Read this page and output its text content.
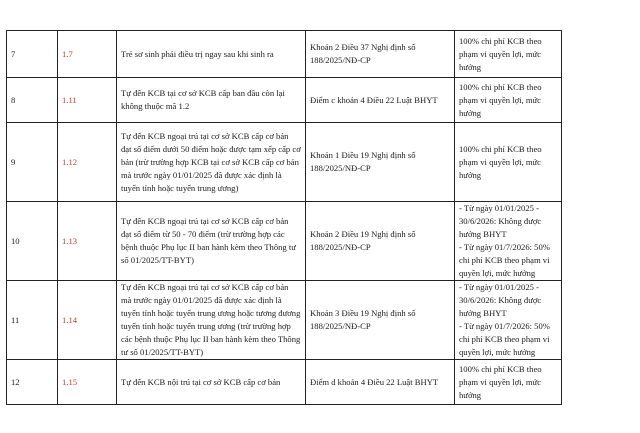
7	1.7	Trẻ sơ sinh phải điều trị ngay sau khi sinh ra	Khoản 2 Điều 37 Nghị định số 188/2025/NĐ-CP	100% chi phí KCB theo phạm vi quyền lợi, mức hưởng

8	1.11	Tự đến KCB tại cơ sở KCB cấp ban đầu còn lại không thuộc mã 1.2	Điểm c khoản 4 Điều 22 Luật BHYT	100% chi phí KCB theo phạm vi quyền lợi, mức hưởng

9	1.12	Tự đến KCB ngoại trú tại cơ sở KCB cấp cơ bản đạt số điểm dưới 50 điểm hoặc được tạm xếp cấp cơ bản (trừ trường hợp KCB tại cơ sở KCB cấp cơ bản mà trước ngày 01/01/2025 đã được xác định là tuyến tỉnh hoặc tuyến trung ương)	Khoản 1 Điều 19 Nghị định số 188/2025/NĐ-CP	100% chi phí KCB theo phạm vi quyền lợi, mức hưởng

10	1.13	Tự đến KCB ngoại trú tại cơ sở KCB cấp cơ bản đạt số điểm từ 50 - 70 điểm (trừ trường hợp các bệnh thuộc Phụ lục II ban hành kèm theo Thông tư số 01/2025/TT-BYT)	Khoản 2 Điều 19 Nghị định số 188/2025/NĐ-CP	- Từ ngày 01/01/2025 - 30/6/2026: Không được hưởng BHYT
- Từ ngày 01/7/2026: 50% chi phí KCB theo phạm vi quyền lợi, mức hưởng

11	1.14	Tự đến KCB ngoại trú tại cơ sở KCB cấp cơ bản mà trước ngày 01/01/2025 đã được xác định là tuyến tỉnh hoặc tuyến trung ương hoặc tương đương tuyến tỉnh hoặc tuyến trung ương (trừ trường hợp các bệnh thuộc Phụ lục II ban hành kèm theo Thông tư số 01/2025/TT-BYT)	Khoản 3 Điều 19 Nghị định số 188/2025/NĐ-CP	- Từ ngày 01/01/2025 - 30/6/2026: Không được hưởng BHYT
- Từ ngày 01/7/2026: 50% chi phí KCB theo phạm vi quyền lợi, mức hưởng

12	1.15	Tự đến KCB nội trú tại cơ sở KCB cấp cơ bản	Điểm d khoản 4 Điều 22 Luật BHYT	100% chi phí KCB theo phạm vi quyền lợi, mức hưởng
